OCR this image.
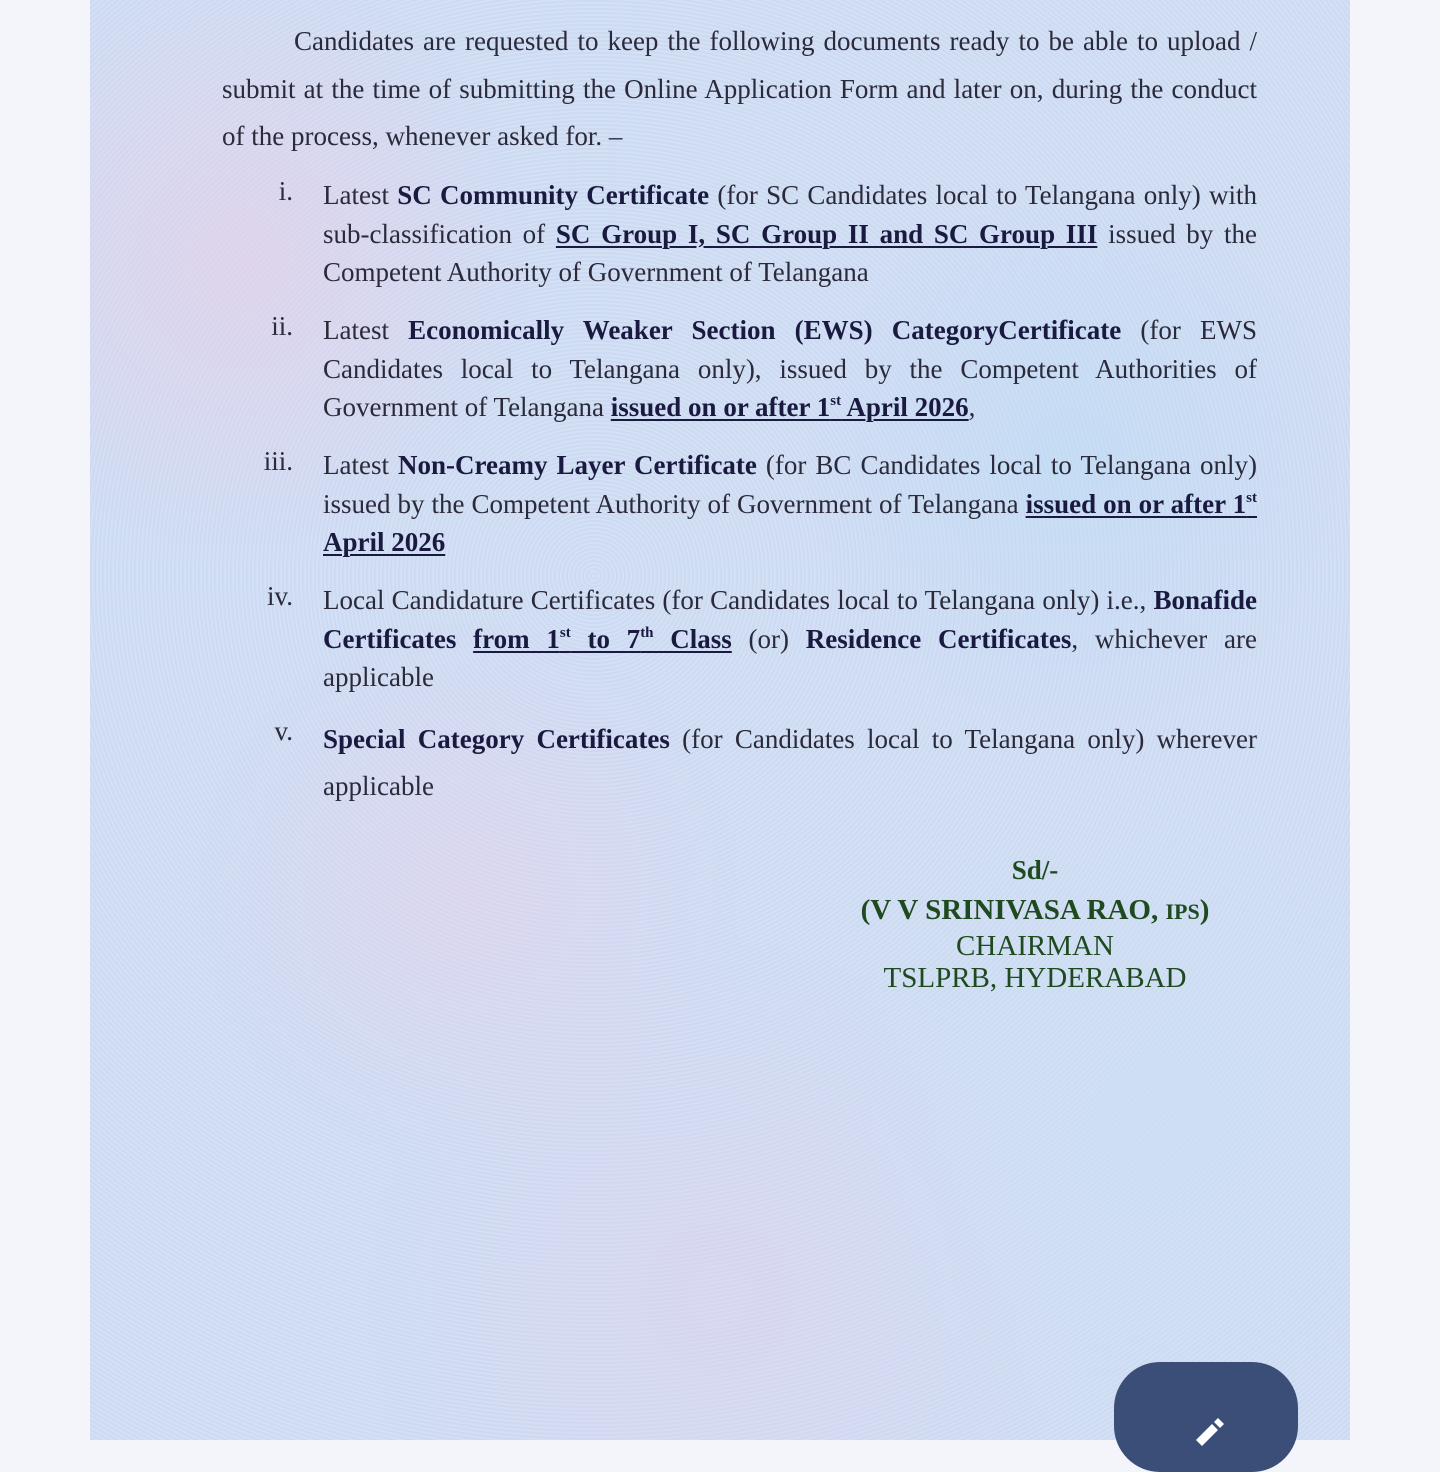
Candidates are requested to keep the following documents ready to be able to upload / submit at the time of submitting the Online Application Form and later on, during the conduct of the process, whenever asked for. –

i. Latest SC Community Certificate (for SC Candidates local to Telangana only) with sub-classification of SC Group I, SC Group II and SC Group III issued by the Competent Authority of Government of Telangana
ii. Latest Economically Weaker Section (EWS) CategoryCertificate (for EWS Candidates local to Telangana only), issued by the Competent Authorities of Government of Telangana issued on or after 1st April 2026,
iii. Latest Non-Creamy Layer Certificate (for BC Candidates local to Telangana only) issued by the Competent Authority of Government of Telangana issued on or after 1st April 2026
iv. Local Candidature Certificates (for Candidates local to Telangana only) i.e., Bonafide Certificates from 1st to 7th Class (or) Residence Certificates, whichever are applicable
v. Special Category Certificates (for Candidates local to Telangana only) wherever applicable
Sd/-
(V V SRINIVASA RAO, IPS)
CHAIRMAN
TSLPRB, HYDERABAD
